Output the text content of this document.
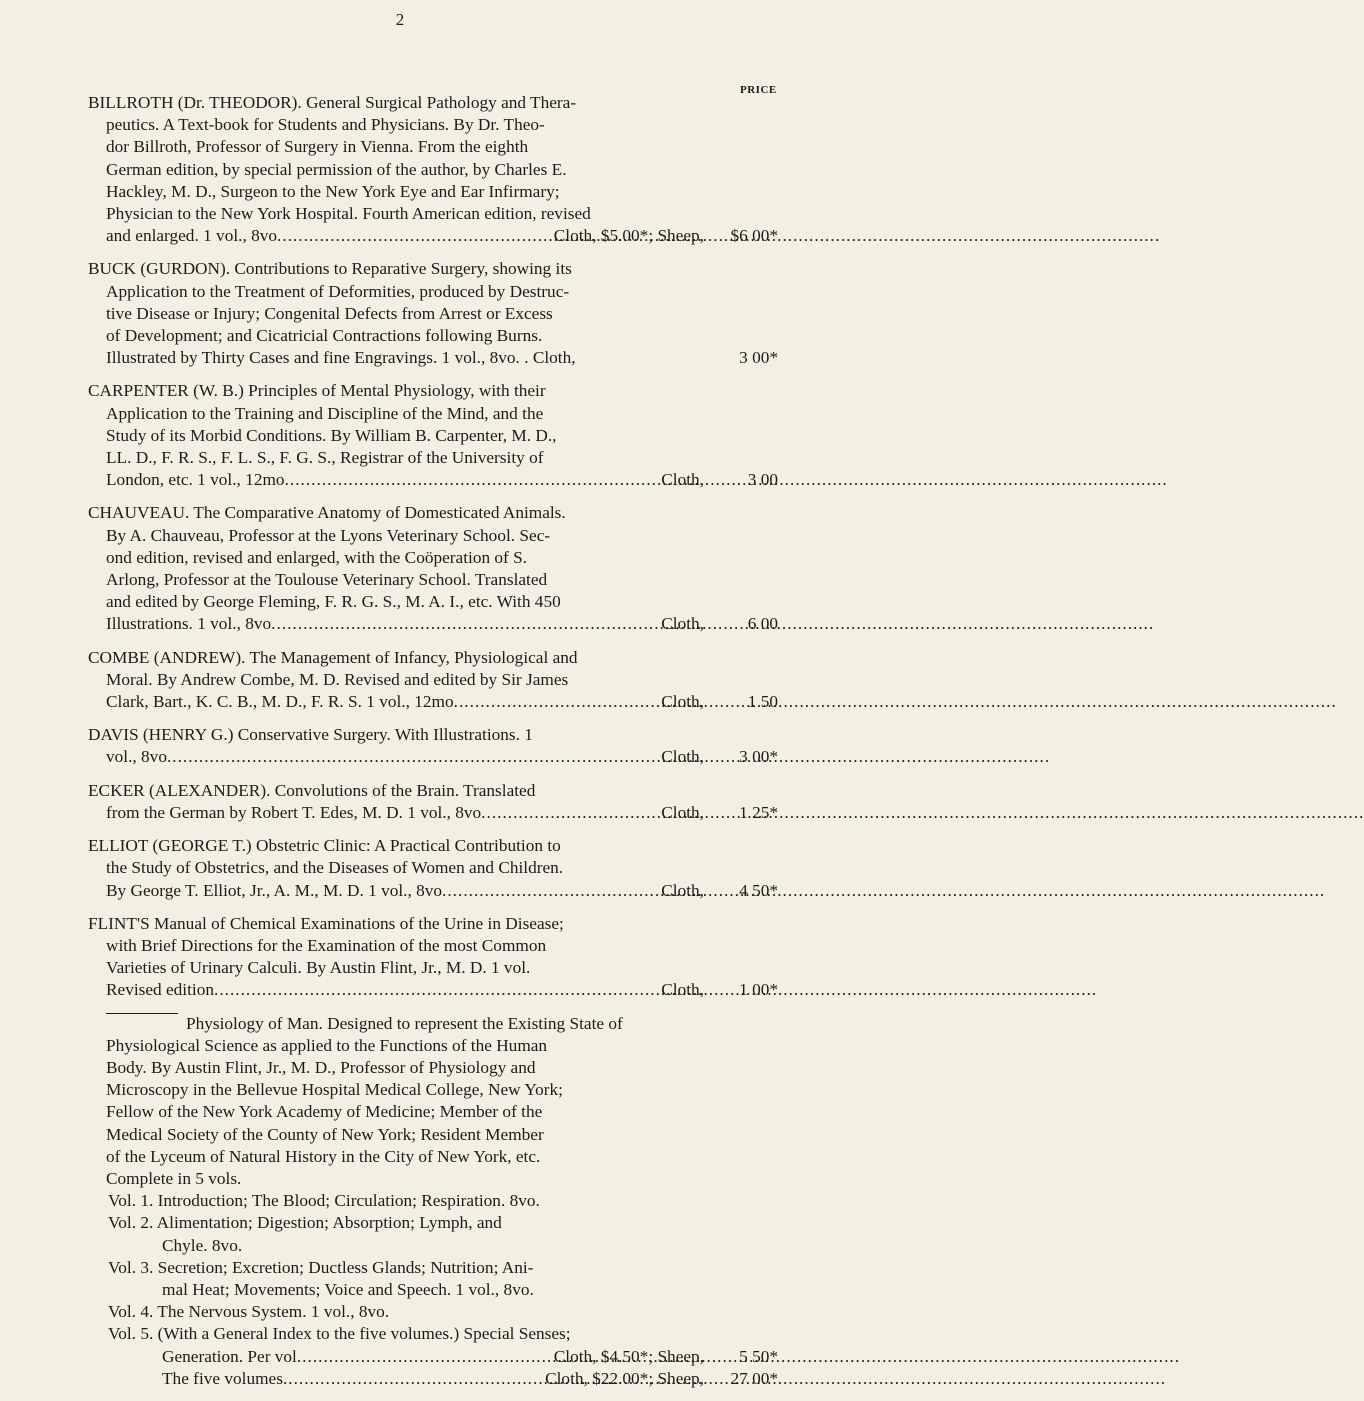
2
PRICE
BILLROTH (Dr. THEODOR). General Surgical Pathology and Thera-
peutics. A Text-book for Students and Physicians. By Dr. Theo-
dor Billroth, Professor of Surgery in Vienna. From the eighth
German edition, by special permission of the author, by Charles E.
Hackley, M. D., Surgeon to the New York Eye and Ear Infirmary;
Physician to the New York Hospital. Fourth American edition, revised
and enlarged. 1 vol., 8vo .....	Cloth, $5.00*; Sheep,	$6 00*
BUCK (GURDON). Contributions to Reparative Surgery, showing its
Application to the Treatment of Deformities, produced by Destruc-
tive Disease or Injury; Congenital Defects from Arrest or Excess
of Development; and Cicatricial Contractions following Burns.
Illustrated by Thirty Cases and fine Engravings. 1 vol., 8vo. . Cloth,	3 00*
CARPENTER (W. B.) Principles of Mental Physiology, with their
Application to the Training and Discipline of the Mind, and the
Study of its Morbid Conditions. By William B. Carpenter, M. D.,
LL. D., F. R. S., F. L. S., F. G. S., Registrar of the University of
London, etc. 1 vol., 12mo .....	Cloth,	3 00
CHAUVEAU. The Comparative Anatomy of Domesticated Animals.
By A. Chauveau, Professor at the Lyons Veterinary School. Sec-
ond edition, revised and enlarged, with the Coöperation of S.
Arlong, Professor at the Toulouse Veterinary School. Translated
and edited by George Fleming, F. R. G. S., M. A. I., etc. With 450
Illustrations. 1 vol., 8vo .....	Cloth,	6 00
COMBE (ANDREW). The Management of Infancy, Physiological and
Moral. By Andrew Combe, M. D. Revised and edited by Sir James
Clark, Bart., K. C. B., M. D., F. R. S. 1 vol., 12mo .....	Cloth,	1 50
DAVIS (HENRY G.) Conservative Surgery. With Illustrations. 1
vol., 8vo .....	Cloth,	3 00*
ECKER (ALEXANDER). Convolutions of the Brain. Translated
from the German by Robert T. Edes, M. D. 1 vol., 8vo .....	Cloth,	1 25*
ELLIOT (GEORGE T.) Obstetric Clinic: A Practical Contribution to
the Study of Obstetrics, and the Diseases of Women and Children.
By George T. Elliot, Jr., A. M., M. D. 1 vol., 8vo .....	Cloth,	4 50*
FLINT'S Manual of Chemical Examinations of the Urine in Disease;
with Brief Directions for the Examination of the most Common
Varieties of Urinary Calculi. By Austin Flint, Jr., M. D. 1 vol.
Revised edition .....	Cloth,	1 00*
Physiology of Man. Designed to represent the Existing State of
Physiological Science as applied to the Functions of the Human
Body. By Austin Flint, Jr., M. D., Professor of Physiology and
Microscopy in the Bellevue Hospital Medical College, New York;
Fellow of the New York Academy of Medicine; Member of the
Medical Society of the County of New York; Resident Member
of the Lyceum of Natural History in the City of New York, etc.
Complete in 5 vols.
Vol. 1. Introduction; The Blood; Circulation; Respiration. 8vo.
Vol. 2. Alimentation; Digestion; Absorption; Lymph, and
Chyle. 8vo.
Vol. 3. Secretion; Excretion; Ductless Glands; Nutrition; Ani-
mal Heat; Movements; Voice and Speech. 1 vol., 8vo.
Vol. 4. The Nervous System. 1 vol., 8vo.
Vol. 5. (With a General Index to the five volumes.) Special Senses;
Generation. Per vol .....	Cloth, $4.50*; Sheep,	5 50*
The five volumes .....	Cloth, $22.00*; Sheep,	27 00*
